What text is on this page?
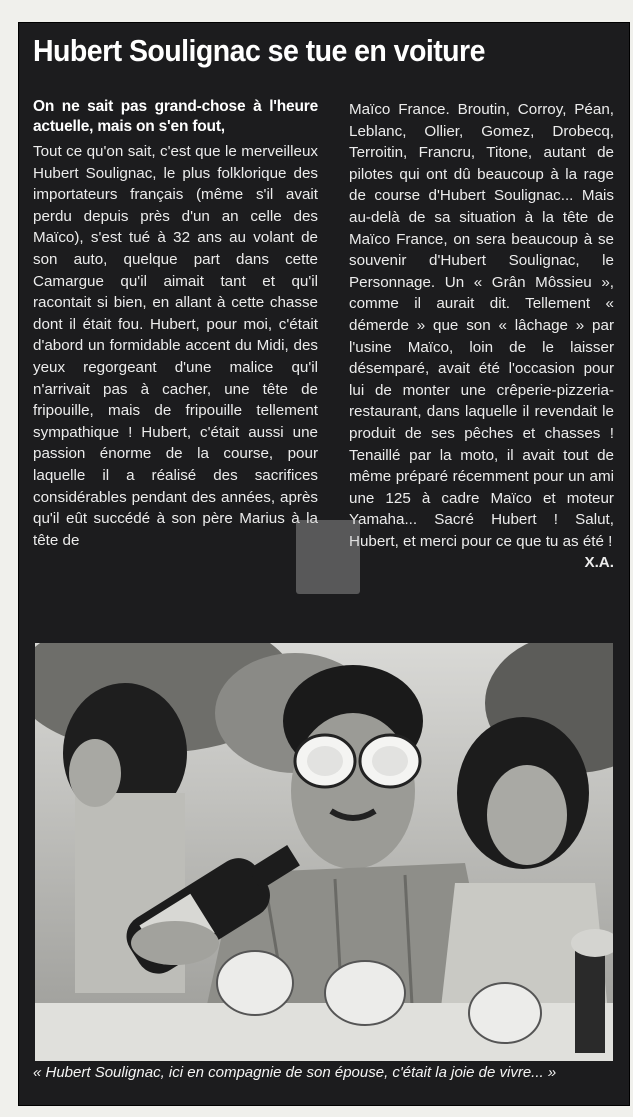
Hubert Soulignac se tue en voiture

On ne sait pas grand-chose à l'heure actuelle, mais on s'en fout,

Tout ce qu'on sait, c'est que le merveilleux Hubert Soulignac, le plus folklorique des importateurs français (même s'il avait perdu depuis près d'un an celle des Maïco), s'est tué à 32 ans au volant de son auto, quelque part dans cette Camargue qu'il aimait tant et qu'il racontait si bien, en allant à cette chasse dont il était fou. Hubert, pour moi, c'était d'abord un formidable accent du Midi, des yeux regorgeant d'une malice qu'il n'arrivait pas à cacher, une tête de fripouille, mais de fripouille tellement sympathique ! Hubert, c'était aussi une passion énorme de la course, pour laquelle il a réalisé des sacrifices considérables pendant des années, après qu'il eût succédé à son père Marius à la tête de

Maïco France. Broutin, Corroy, Péan, Leblanc, Ollier, Gomez, Drobecq, Terroitin, Francru, Titone, autant de pilotes qui ont dû beaucoup à la rage de course d'Hubert Soulignac... Mais au-delà de sa situation à la tête de Maïco France, on sera beaucoup à se souvenir d'Hubert Soulignac, le Personnage. Un « Grân Môssieu », comme il aurait dit. Tellement « démerde » que son « lâchage » par l'usine Maïco, loin de le laisser désemparé, avait été l'occasion pour lui de monter une crêperie-pizzeria-restaurant, dans laquelle il revendait le produit de ses pêches et chasses ! Tenaillé par la moto, il avait tout de même préparé récemment pour un ami une 125 à cadre Maïco et moteur Yamaha... Sacré Hubert ! Salut, Hubert, et merci pour ce que tu as été !
X.A.

« Hubert Soulignac, ici en compagnie de son épouse, c'était la joie de vivre... »
